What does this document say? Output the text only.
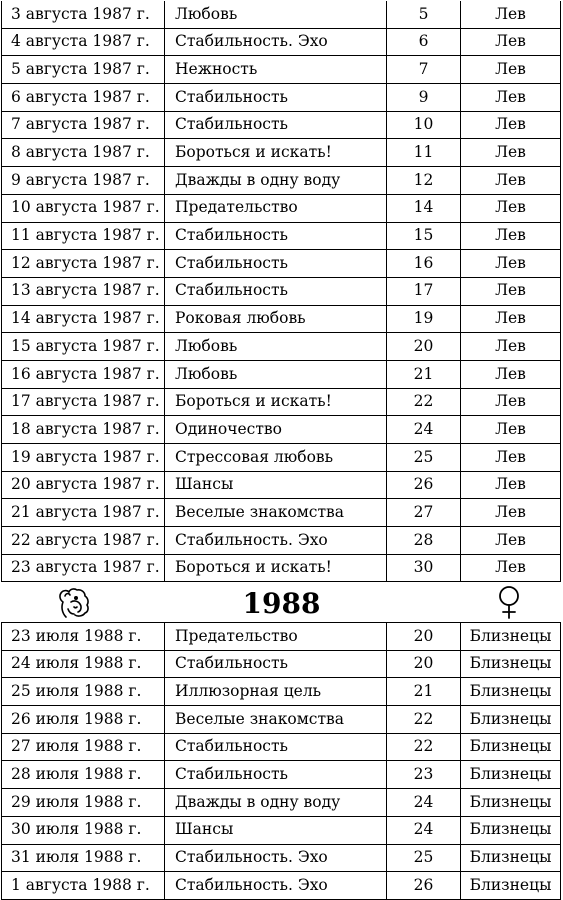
3 августа 1987 г.	Любовь	5	Лев
4 августа 1987 г.	Стабильность. Эхо	6	Лев
5 августа 1987 г.	Нежность	7	Лев
6 августа 1987 г.	Стабильность	9	Лев
7 августа 1987 г.	Стабильность	10	Лев
8 августа 1987 г.	Бороться и искать!	11	Лев
9 августа 1987 г.	Дважды в одну воду	12	Лев
10 августа 1987 г.	Предательство	14	Лев
11 августа 1987 г.	Стабильность	15	Лев
12 августа 1987 г.	Стабильность	16	Лев
13 августа 1987 г.	Стабильность	17	Лев
14 августа 1987 г.	Роковая любовь	19	Лев
15 августа 1987 г.	Любовь	20	Лев
16 августа 1987 г.	Любовь	21	Лев
17 августа 1987 г.	Бороться и искать!	22	Лев
18 августа 1987 г.	Одиночество	24	Лев
19 августа 1987 г.	Стрессовая любовь	25	Лев
20 августа 1987 г.	Шансы	26	Лев
21 августа 1987 г.	Веселые знакомства	27	Лев
22 августа 1987 г.	Стабильность. Эхо	28	Лев
23 августа 1987 г.	Бороться и искать!	30	Лев
1988
23 июля 1988 г.	Предательство	20	Близнецы
24 июля 1988 г.	Стабильность	20	Близнецы
25 июля 1988 г.	Иллюзорная цель	21	Близнецы
26 июля 1988 г.	Веселые знакомства	22	Близнецы
27 июля 1988 г.	Стабильность	22	Близнецы
28 июля 1988 г.	Стабильность	23	Близнецы
29 июля 1988 г.	Дважды в одну воду	24	Близнецы
30 июля 1988 г.	Шансы	24	Близнецы
31 июля 1988 г.	Стабильность. Эхо	25	Близнецы
1 августа 1988 г.	Стабильность. Эхо	26	Близнецы
